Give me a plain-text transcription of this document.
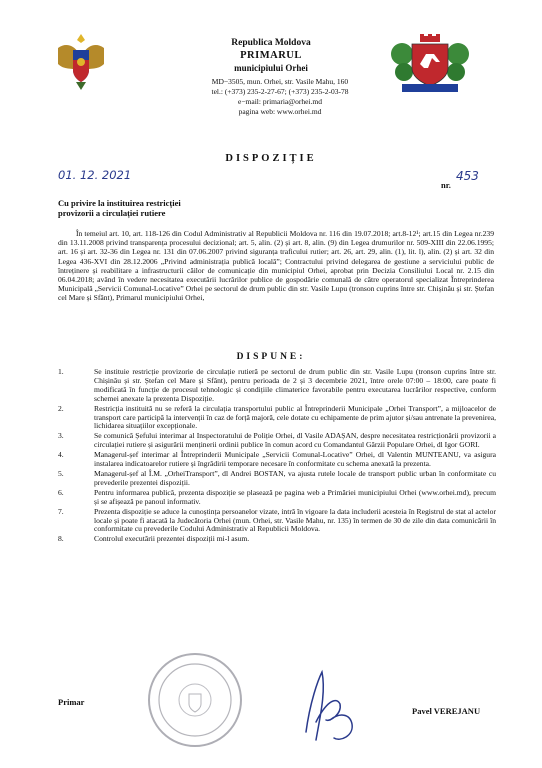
Republica Moldova
PRIMARUL
municipiului Orhei
MD−3505, mun. Orhei, str. Vasile Mahu, 160
tel.: (+373) 235-2-27-67; (+373) 235-2-03-78
e−mail: primaria@orhei.md
pagina web: www.orhei.md
DISPOZIȚIE
01. 12. 2021
nr.
453
Cu privire la instituirea restricției
provizorii a circulației rutiere
În temeiul art. 10, art. 118-126 din Codul Administrativ al Republicii Moldova nr. 116 din 19.07.2018; art.8-12¹; art.15 din Legea nr.239 din 13.11.2008 privind transparența procesului decizional; art. 5, alin. (2) și art. 8, alin. (9) din Legea drumurilor nr. 509-XIII din 22.06.1995; art. 16 și art. 32-36 din Legea nr. 131 din 07.06.2007 privind siguranța traficului rutier; art. 26, art. 29, alin. (1), lit. l), alin. (2) și art. 32 din Legea 436-XVI din 28.12.2006 „Privind administrația publică locală”; Contractului privind delegarea de gestiune a serviciului public de întreținere și reabilitare a infrastructurii căilor de comunicație din municipiul Orhei, aprobat prin Decizia Consiliului Local nr. 2.15 din 06.04.2018; având în vedere necesitatea executării lucrărilor publice de gospodărie comunală de către operatorul specializat Întreprinderea Municipală „Servicii Comunal-Locative” Orhei pe sectorul de drum public din str. Vasile Lupu (tronson cuprins între str. Chișinău și str. Ștefan cel Mare și Sfânt), Primarul municipiului Orhei,
DISPUNE:
1.	Se instituie restricție provizorie de circulație rutieră pe sectorul de drum public din str. Vasile Lupu (tronson cuprins între str. Chișinău și str. Ștefan cel Mare și Sfânt), pentru perioada de 2 și 3 decembrie 2021, între orele 07:00 – 18:00, care poate fi modificată în funcție de procesul tehnologic și condițiile climaterice favorabile pentru executarea lucrărilor respective, conform schemei anexate la prezenta Dispoziție.
2.	Restricția instituită nu se referă la circulația transportului public al Întreprinderii Municipale „Orhei Transport”, a mijloacelor de transport care participă la intervenții în caz de forță majoră, cele dotate cu echipamente de prim ajutor și/sau antrenate la prevenirea, lichidarea situațiilor excepționale.
3.	Se comunică Șefului interimar al Inspectoratului de Poliție Orhei, dl Vasile ADAȘAN, despre necesitatea restricționării provizorii a circulației rutiere și asigurării menținerii ordinii publice în comun acord cu Comandantul Gărzii Populare Orhei, dl Igor GORI.
4.	Managerul-șef interimar al Întreprinderii Municipale „Servicii Comunal-Locative” Orhei, dl Valentin MUNTEANU, va asigura instalarea indicatoarelor rutiere și îngrădirii temporare necesare în conformitate cu schema anexată la prezenta.
5.	Managerul-șef al Î.M. „OrheiTransport”, dl Andrei BOSTAN, va ajusta rutele locale de transport public urban în conformitate cu prevederile prezentei dispoziții.
6.	Pentru informarea publică, prezenta dispoziție se plasează pe pagina web a Primăriei municipiului Orhei (www.orhei.md), precum și se afișează pe panoul informativ.
7.	Prezenta dispoziție se aduce la cunoștința persoanelor vizate, intră în vigoare la data includerii acesteia în Registrul de stat al actelor locale și poate fi atacată la Judecătoria Orhei (mun. Orhei, str. Vasile Mahu, nr. 135) în termen de 30 de zile din data comunicării în conformitate cu prevederile Codului Administrativ al Republicii Moldova.
8.	Controlul executării prezentei dispoziții mi-l asum.
Primar
Pavel VEREJANU
